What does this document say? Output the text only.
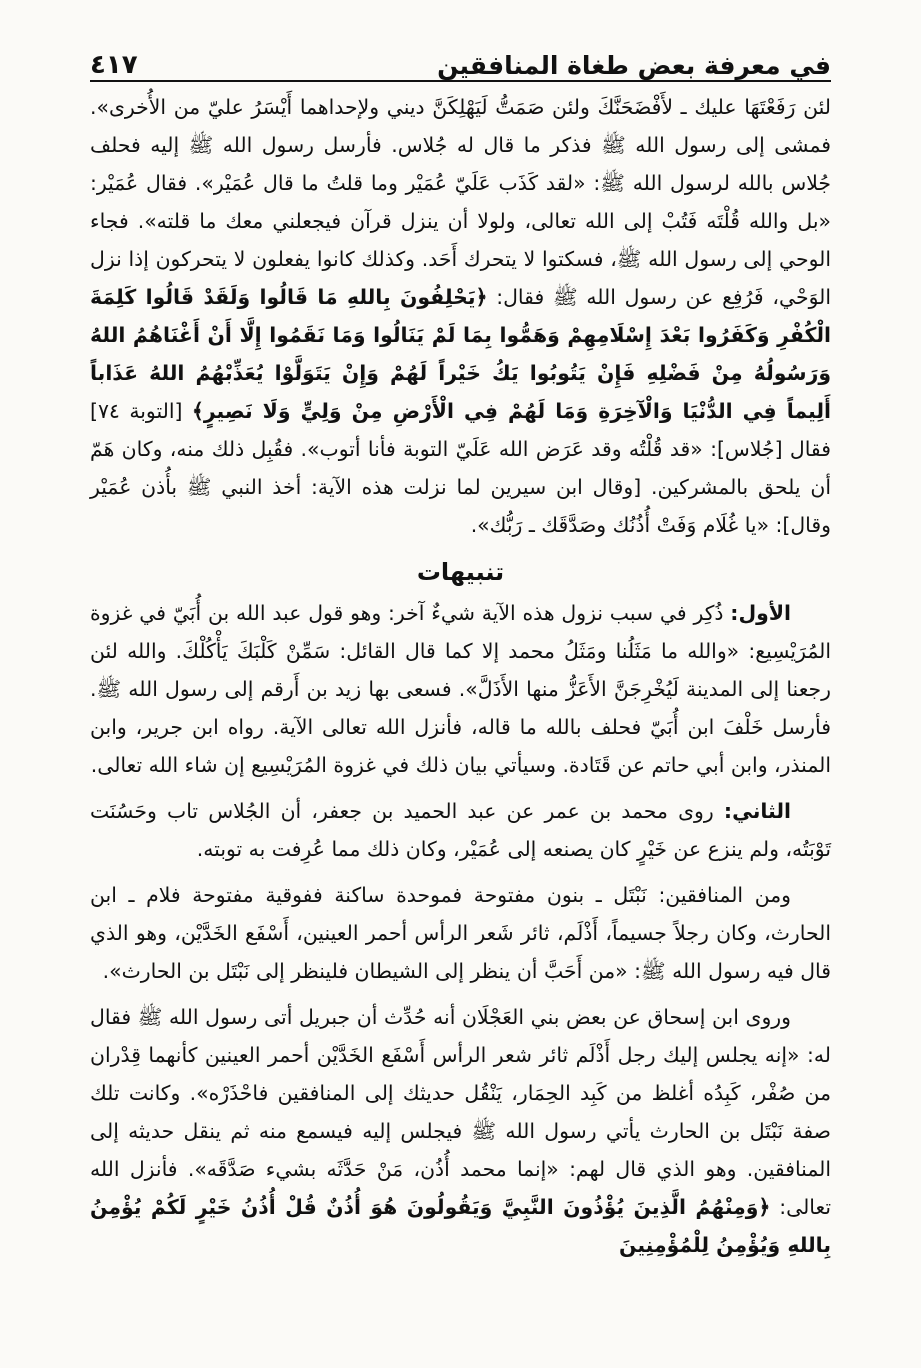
في معرفة بعض طغاة المنافقين
٤١٧

لئن رَفَعْتَهَا عليك ـ لأَفْضَحَنَّكَ ولئن صَمَتُّ لَيَهْلِكَنَّ ديني ولإحداهما أَيْسَرُ عليّ من الأُخرى». فمشى إلى رسول الله ﷺ فذكر ما قال له جُلاس. فأرسل رسول الله ﷺ إليه فحلف جُلاس بالله لرسول الله ﷺ: «لقد كَذَب عَلَيّ عُمَيْر وما قلتُ ما قال عُمَيْر». فقال عُمَيْر: «بل والله قُلْتَه فَتُبْ إلى الله تعالى، ولولا أن ينزل قرآن فيجعلني معك ما قلته». فجاء الوحي إلى رسول الله ﷺ، فسكتوا لا يتحرك أَحَد. وكذلك كانوا يفعلون لا يتحركون إذا نزل الوَحْي، فَرُفِع عن رسول الله ﷺ فقال: ﴿يَحْلِفُونَ بِاللهِ مَا قَالُوا وَلَقَدْ قَالُوا كَلِمَةَ الْكُفْرِ وَكَفَرُوا بَعْدَ إِسْلَامِهِمْ وَهَمُّوا بِمَا لَمْ يَنَالُوا وَمَا نَقَمُوا إِلَّا أَنْ أَغْنَاهُمُ اللهُ وَرَسُولُهُ مِنْ فَضْلِهِ فَإِنْ يَتُوبُوا يَكُ خَيْراً لَهُمْ وَإِنْ يَتَوَلَّوْا يُعَذِّبْهُمُ اللهُ عَذَاباً أَلِيماً فِي الدُّنْيَا وَالْآخِرَةِ وَمَا لَهُمْ فِي الْأَرْضِ مِنْ وَلِيٍّ وَلَا نَصِيرٍ﴾ [التوبة ٧٤] فقال [جُلاس]: «قد قُلْتُه وقد عَرَض الله عَلَيّ التوبة فأنا أتوب». فقُبِل ذلك منه، وكان هَمّ أن يلحق بالمشركين. [وقال ابن سيرين لما نزلت هذه الآية: أخذ النبي ﷺ بأُذن عُمَيْر وقال]: «يا غُلَام وَفَتْ أُذُنُك وصَدَّقَك ـ رَبُّك».

تنبيهات

الأول: ذُكِر في سبب نزول هذه الآية شيءٌ آخر: وهو قول عبد الله بن أُبَيّ في غزوة المُرَيْسِيع: «والله ما مَثَلُنا ومَثَلُ محمد إلا كما قال القائل: سَمِّنْ كَلْبَكَ يَأْكُلْكَ. والله لئن رجعنا إلى المدينة لَيُخْرِجَنَّ الأَعَزُّ منها الأَذَلَّ». فسعى بها زيد بن أَرقم إلى رسول الله ﷺ. فأرسل خَلْفَ ابن أُبَيّ فحلف بالله ما قاله، فأنزل الله تعالى الآية. رواه ابن جرير، وابن المنذر، وابن أبي حاتم عن قَتَادة. وسيأتي بيان ذلك في غزوة المُرَيْسِيع إن شاء الله تعالى.

الثاني: روى محمد بن عمر عن عبد الحميد بن جعفر، أن الجُلاس تاب وحَسُنَت تَوْبَتُه، ولم ينزع عن خَيْرٍ كان يصنعه إلى عُمَيْر، وكان ذلك مما عُرِفت به توبته.

ومن المنافقين: نَبْتَل ـ بنون مفتوحة فموحدة ساكنة ففوقية مفتوحة فلام ـ ابن الحارث، وكان رجلاً جسيماً، أَذْلَم، ثائر شَعر الرأس أحمر العينين، أَسْفَع الخَدَّيْن، وهو الذي قال فيه رسول الله ﷺ: «من أَحَبَّ أن ينظر إلى الشيطان فلينظر إلى نَبْتَل بن الحارث».

وروى ابن إسحاق عن بعض بني العَجْلَان أنه حُدِّث أن جبريل أتى رسول الله ﷺ فقال له: «إنه يجلس إليك رجل أَذْلَم ثائر شعر الرأس أَسْفَع الخَدَّيْن أحمر العينين كأنهما قِدْران من صُفْر، كَبِدُه أغلظ من كَبِد الحِمَار، يَنْقُل حديثك إلى المنافقين فاحْذَرْه». وكانت تلك صفة نَبْتَل بن الحارث يأتي رسول الله ﷺ فيجلس إليه فيسمع منه ثم ينقل حديثه إلى المنافقين. وهو الذي قال لهم: «إنما محمد أُذُن، مَنْ حَدَّثَه بشيء صَدَّقَه». فأنزل الله تعالى: ﴿وَمِنْهُمُ الَّذِينَ يُؤْذُونَ النَّبِيَّ وَيَقُولُونَ هُوَ أُذُنٌ قُلْ أُذُنُ خَيْرٍ لَكُمْ يُؤْمِنُ بِاللهِ وَيُؤْمِنُ لِلْمُؤْمِنِينَ
